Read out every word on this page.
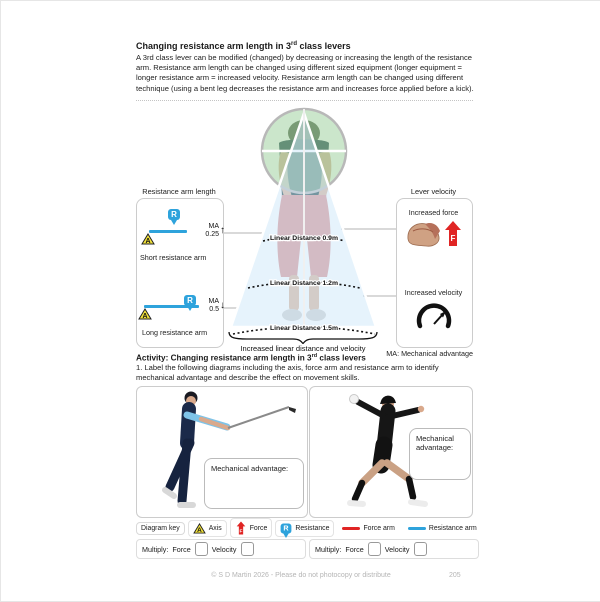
Changing resistance arm length in 3rd class levers
A 3rd class lever can be modified (changed) by decreasing or increasing the length of the resistance arm. Resistance arm length can be changed using different sized equipment (longer equipment = longer resistance arm = increased velocity. Resistance arm length can be changed using different technique (using a bent leg decreases the resistance arm and increases force applied before a kick).
Linear Distance 0.9m
Linear Distance 1.2m
Linear Distance 1.5m
Increased linear distance and velocity
MA: Mechanical advantage
Resistance arm length
R
A
MA
0.25 ↑
Short resistance arm
R
A
MA
0.5 ↓
Long resistance arm
Lever velocity
Increased force
F
Increased velocity
Activity: Changing resistance arm length in 3rd class levers
1. Label the following diagrams including the axis, force arm and resistance arm to identify mechanical advantage and describe the effect on movement skills.
Mechanical advantage:
Mechanical advantage:
Diagram key A Axis
F
Force	R Resistance	Force arm	Resistance arm
Multiply: Force	Velocity	Multiply: Force	Velocity
© S D Martin 2026 - Please do not photocopy or distribute	205
